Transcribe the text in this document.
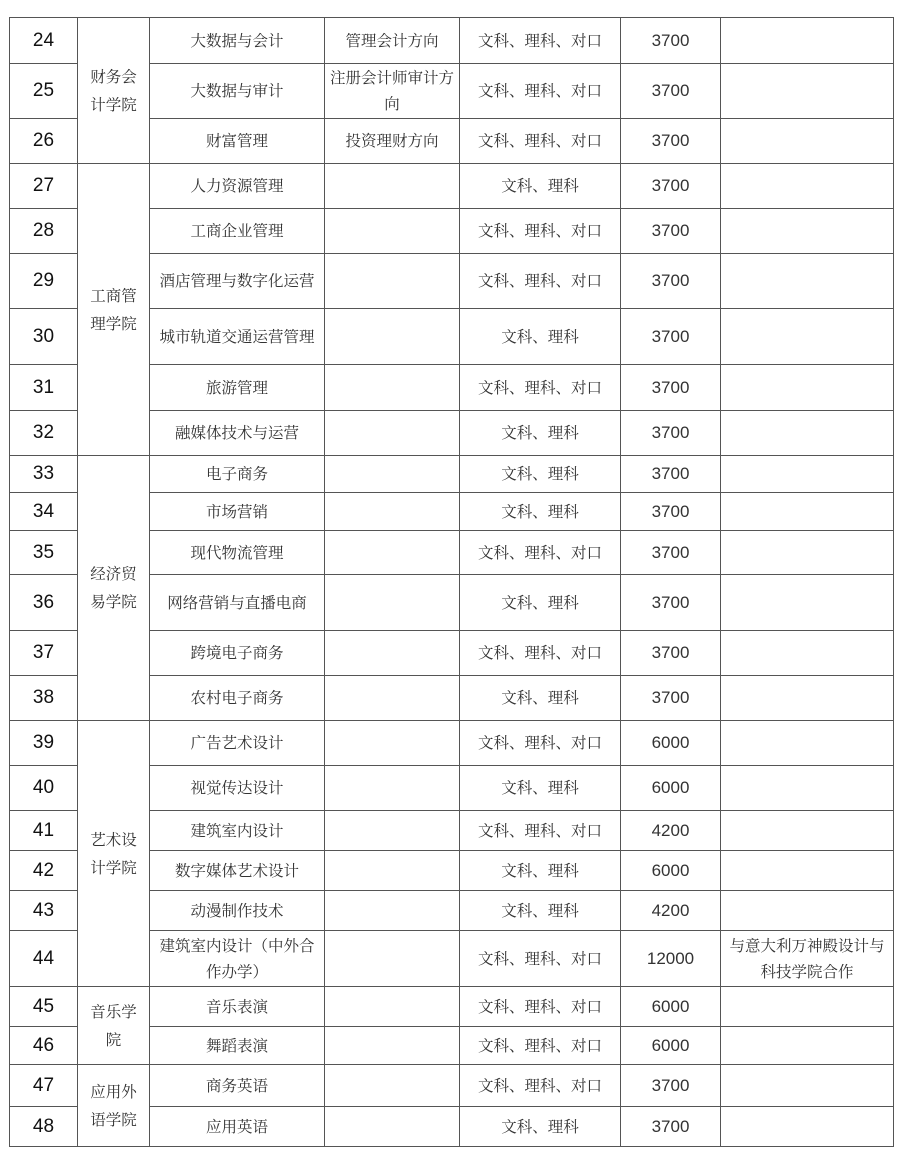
24	财务会计学院	大数据与会计	管理会计方向	文科、理科、对口	3700	
25		大数据与审计	注册会计师审计方向	文科、理科、对口	3700	
26		财富管理	投资理财方向	文科、理科、对口	3700	
27	工商管理学院	人力资源管理		文科、理科	3700	
28		工商企业管理		文科、理科、对口	3700	
29		酒店管理与数字化运营		文科、理科、对口	3700	
30		城市轨道交通运营管理		文科、理科	3700	
31		旅游管理		文科、理科、对口	3700	
32		融媒体技术与运营		文科、理科	3700	
33	经济贸易学院	电子商务		文科、理科	3700	
34		市场营销		文科、理科	3700	
35		现代物流管理		文科、理科、对口	3700	
36		网络营销与直播电商		文科、理科	3700	
37		跨境电子商务		文科、理科、对口	3700	
38		农村电子商务		文科、理科	3700	
39	艺术设计学院	广告艺术设计		文科、理科、对口	6000	
40		视觉传达设计		文科、理科	6000	
41		建筑室内设计		文科、理科、对口	4200	
42		数字媒体艺术设计		文科、理科	6000	
43		动漫制作技术		文科、理科	4200	
44		建筑室内设计（中外合作办学）		文科、理科、对口	12000	与意大利万神殿设计与科技学院合作
45	音乐学院	音乐表演		文科、理科、对口	6000	
46		舞蹈表演		文科、理科、对口	6000	
47	应用外语学院	商务英语		文科、理科、对口	3700	
48		应用英语		文科、理科	3700	
